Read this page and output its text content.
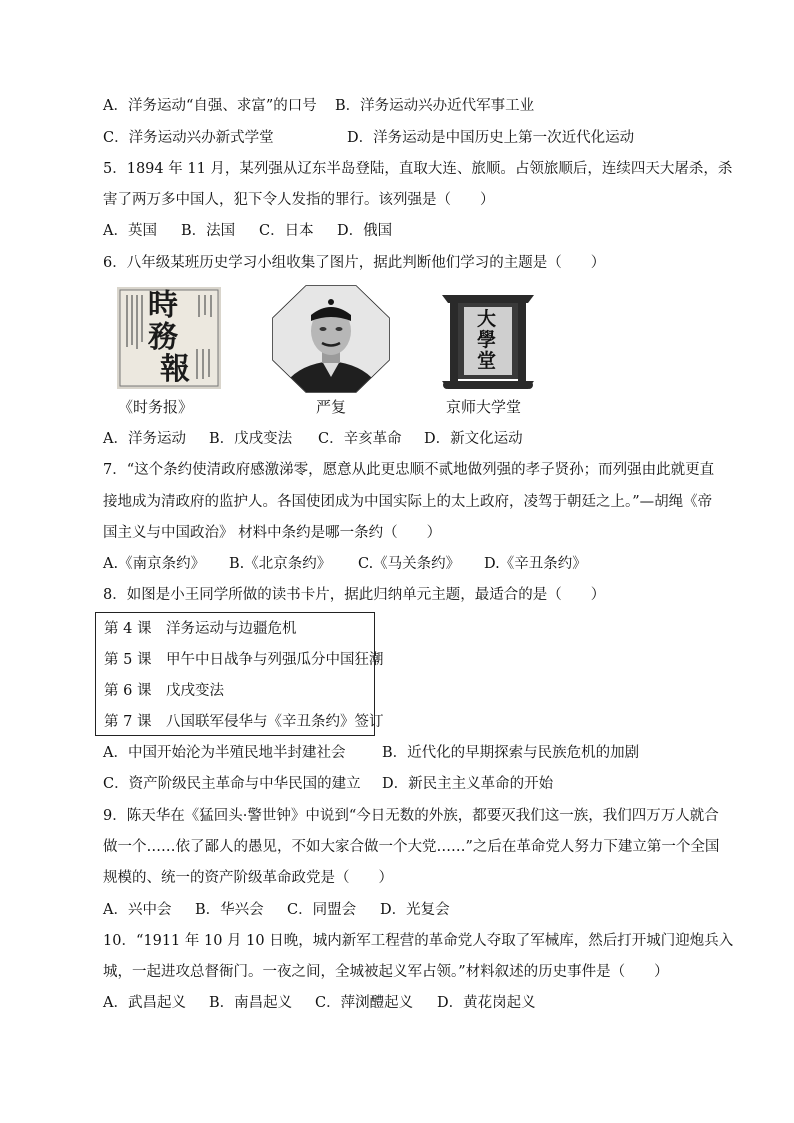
A．洋务运动“自强、求富”的口号 B．洋务运动兴办近代军事工业
C．洋务运动兴办新式学堂	D．洋务运动是中国历史上第一次近代化运动
5．1894 年 11 月，某列强从辽东半岛登陆，直取大连、旅顺。占领旅顺后，连续四天大屠杀，杀
害了两万多中国人，犯下令人发指的罪行。该列强是（　　）
A．英国 B．法国 C．日本 D．俄国
6．八年级某班历史学习小组收集了图片，据此判断他们学习的主题是（　　）
時
務
報
《时务报》	严复
大
學
堂
京师大学堂
A．洋务运动 B．戊戌变法 C．辛亥革命 D．新文化运动
7．“这个条约使清政府感激涕零，愿意从此更忠顺不贰地做列强的孝子贤孙；而列强由此就更直
接地成为清政府的监护人。各国使团成为中国实际上的太上政府，凌驾于朝廷之上。”—胡绳《帝
国主义与中国政治》 材料中条约是哪一条约（　　）
A.《南京条约》 B.《北京条约》 C.《马关条约》 D.《辛丑条约》
8．如图是小王同学所做的读书卡片，据此归纳单元主题，最适合的是（　　）
第 4 课　洋务运动与边疆危机
第 5 课　甲午中日战争与列强瓜分中国狂潮
第 6 课　戊戌变法
第 7 课　八国联军侵华与《辛丑条约》签订
A．中国开始沦为半殖民地半封建社会	B．近代化的早期探索与民族危机的加剧
C．资产阶级民主革命与中华民国的建立 D．新民主主义革命的开始
9．陈天华在《猛回头·警世钟》中说到“今日无数的外族，都要灭我们这一族，我们四万万人就合
做一个……依了鄙人的愚见，不如大家合做一个大党……”之后在革命党人努力下建立第一个全国
规模的、统一的资产阶级革命政党是（　　）
A．兴中会 B．华兴会 C．同盟会 D．光复会
10．“1911 年 10 月 10 日晚，城内新军工程营的革命党人夺取了军械库，然后打开城门迎炮兵入
城，一起进攻总督衙门。一夜之间，全城被起义军占领。”材料叙述的历史事件是（　　）
A．武昌起义 B．南昌起义 C．萍浏醴起义 D．黄花岗起义
